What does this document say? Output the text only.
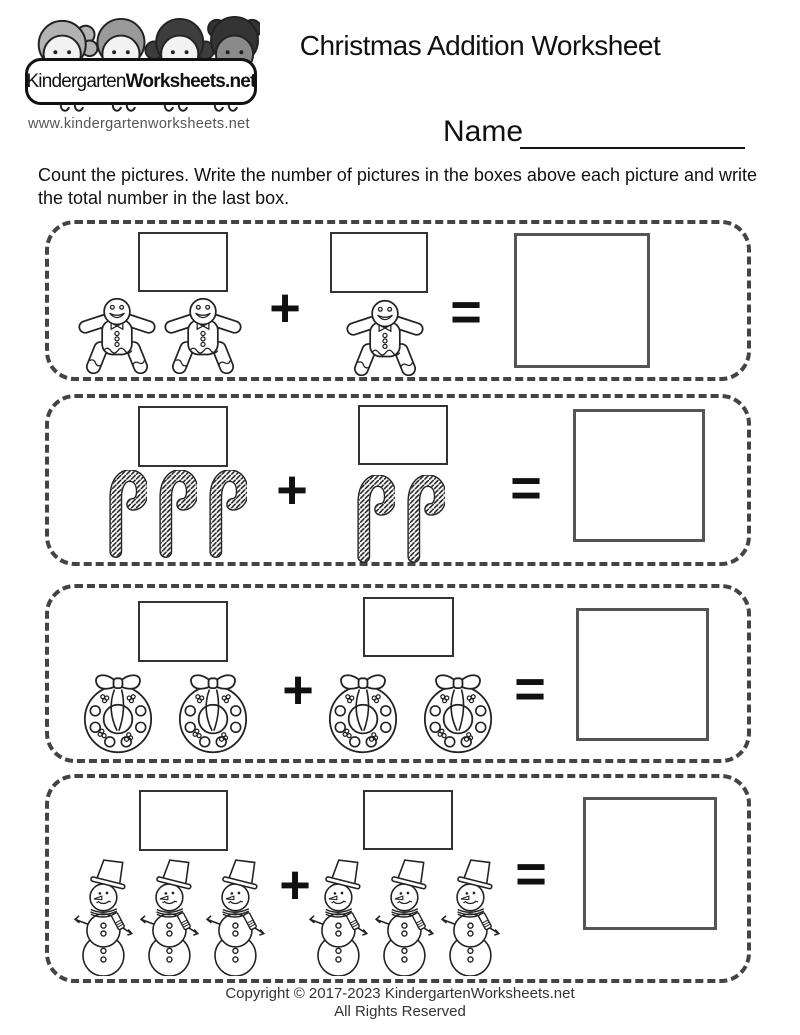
KindergartenWorksheets.net
www.kindergartenworksheets.net
Christmas Addition Worksheet
Name

Count the pictures. Write the number of pictures in the boxes above each picture and write the total number in the last box.

+	=
+	=
+	=
+	=
Copyright © 2017-2023 KindergartenWorksheets.net
All Rights Reserved
